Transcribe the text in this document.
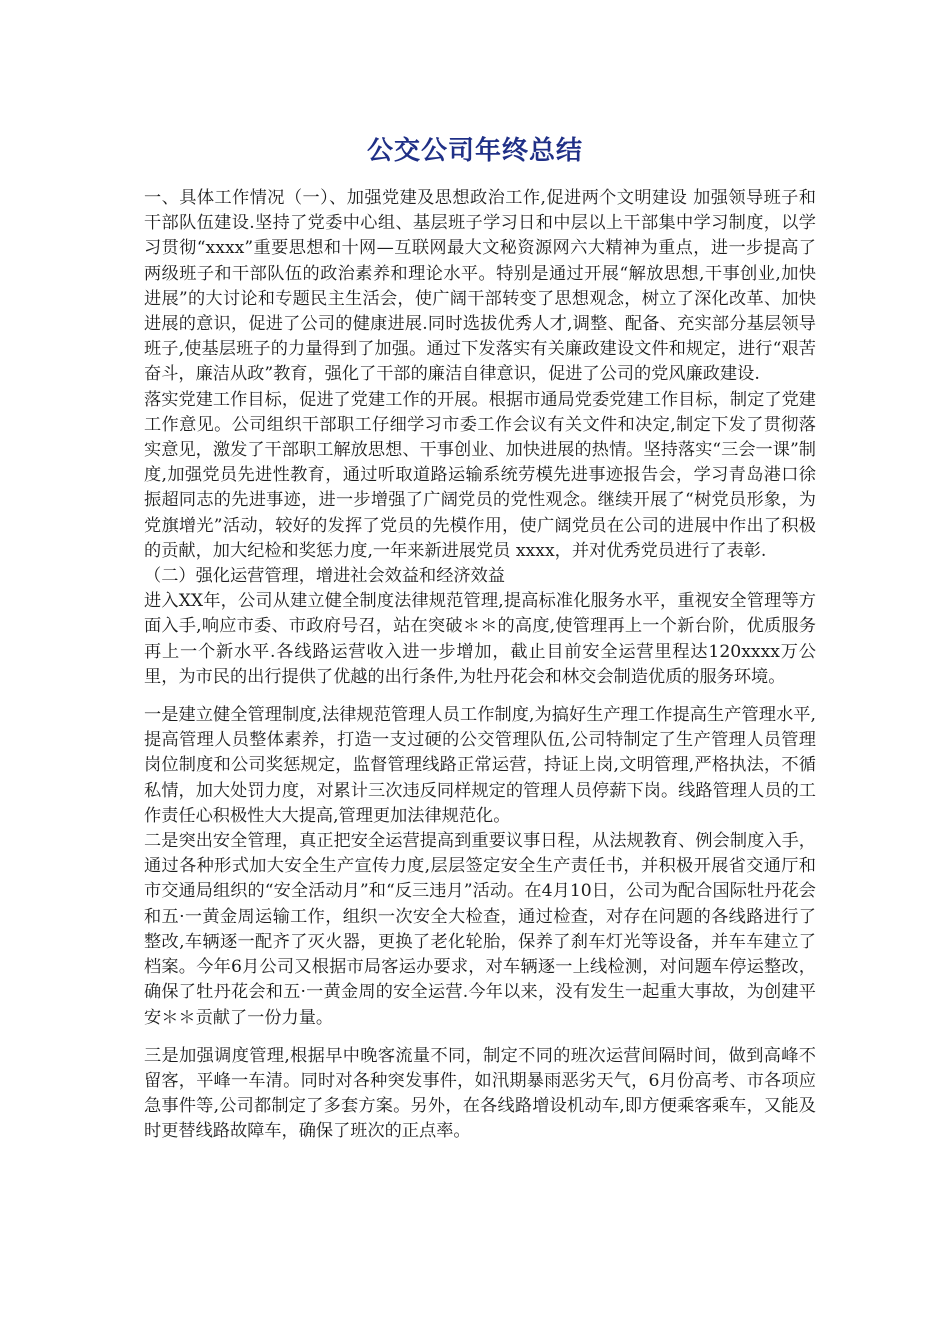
公交公司年终总结

一、具体工作情况（一）、加强党建及思想政治工作,促进两个文明建设 加强领导班子和干部队伍建设.坚持了党委中心组、基层班子学习日和中层以上干部集中学习制度，以学习贯彻“xxxx”重要思想和十网—互联网最大文秘资源网六大精神为重点，进一步提高了两级班子和干部队伍的政治素养和理论水平。特别是通过开展“解放思想,干事创业,加快进展”的大讨论和专题民主生活会，使广阔干部转变了思想观念，树立了深化改革、加快进展的意识，促进了公司的健康进展.同时选拔优秀人才,调整、配备、充实部分基层领导班子,使基层班子的力量得到了加强。通过下发落实有关廉政建设文件和规定，进行“艰苦奋斗，廉洁从政”教育，强化了干部的廉洁自律意识，促进了公司的党风廉政建设.

落实党建工作目标，促进了党建工作的开展。根据市通局党委党建工作目标，制定了党建工作意见。公司组织干部职工仔细学习市委工作会议有关文件和决定,制定下发了贯彻落实意见，激发了干部职工解放思想、干事创业、加快进展的热情。坚持落实“三会一课”制度,加强党员先进性教育，通过听取道路运输系统劳模先进事迹报告会，学习青岛港口徐振超同志的先进事迹，进一步增强了广阔党员的党性观念。继续开展了“树党员形象，为党旗增光”活动，较好的发挥了党员的先模作用，使广阔党员在公司的进展中作出了积极的贡献，加大纪检和奖惩力度,一年来新进展党员 xxxx，并对优秀党员进行了表彰.

（二）强化运营管理，增进社会效益和经济效益

进入XX年，公司从建立健全制度法律规范管理,提高标准化服务水平，重视安全管理等方面入手,响应市委、市政府号召，站在突破＊＊的高度,使管理再上一个新台阶，优质服务再上一个新水平.各线路运营收入进一步增加，截止目前安全运营里程达120xxxx万公里，为市民的出行提供了优越的出行条件,为牡丹花会和林交会制造优质的服务环境。

一是建立健全管理制度,法律规范管理人员工作制度,为搞好生产理工作提高生产管理水平,提高管理人员整体素养，打造一支过硬的公交管理队伍,公司特制定了生产管理人员管理岗位制度和公司奖惩规定，监督管理线路正常运营，持证上岗,文明管理,严格执法，不循私情，加大处罚力度，对累计三次违反同样规定的管理人员停薪下岗。线路管理人员的工作责任心积极性大大提高,管理更加法律规范化。

二是突出安全管理，真正把安全运营提高到重要议事日程，从法规教育、例会制度入手，通过各种形式加大安全生产宣传力度,层层签定安全生产责任书，并积极开展省交通厅和市交通局组织的“安全活动月”和“反三违月”活动。在4月10日，公司为配合国际牡丹花会和五·一黄金周运输工作，组织一次安全大检查，通过检查，对存在问题的各线路进行了整改,车辆逐一配齐了灭火器，更换了老化轮胎，保养了刹车灯光等设备，并车车建立了档案。今年6月公司又根据市局客运办要求，对车辆逐一上线检测，对问题车停运整改，确保了牡丹花会和五·一黄金周的安全运营.今年以来，没有发生一起重大事故，为创建平安＊＊贡献了一份力量。

三是加强调度管理,根据早中晚客流量不同，制定不同的班次运营间隔时间，做到高峰不留客，平峰一车清。同时对各种突发事件，如汛期暴雨恶劣天气，6月份高考、市各项应急事件等,公司都制定了多套方案。另外，在各线路增设机动车,即方便乘客乘车，又能及时更替线路故障车，确保了班次的正点率。
